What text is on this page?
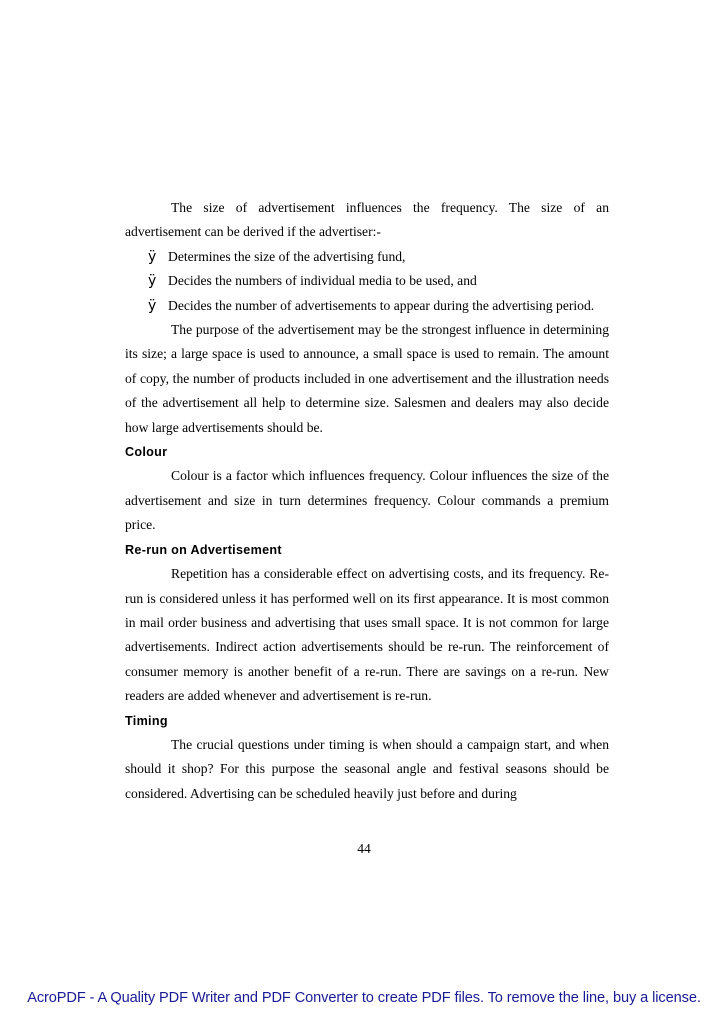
The size of advertisement influences the frequency. The size of an advertisement can be derived if the advertiser:-

ÿ Determines the size of the advertising fund,
ÿ Decides the numbers of individual media to be used, and
ÿ Decides the number of advertisements to appear during the advertising period.

The purpose of the advertisement may be the strongest influence in determining its size; a large space is used to announce, a small space is used to remain. The amount of copy, the number of products included in one advertisement and the illustration needs of the advertisement all help to determine size. Salesmen and dealers may also decide how large advertisements should be.

Colour

Colour is a factor which influences frequency. Colour influences the size of the advertisement and size in turn determines frequency. Colour commands a premium price.

Re-run on Advertisement

Repetition has a considerable effect on advertising costs, and its frequency. Re-run is considered unless it has performed well on its first appearance. It is most common in mail order business and advertising that uses small space. It is not common for large advertisements. Indirect action advertisements should be re-run. The reinforcement of consumer memory is another benefit of a re-run. There are savings on a re-run. New readers are added whenever and advertisement is re-run.

Timing

The crucial questions under timing is when should a campaign start, and when should it shop? For this purpose the seasonal angle and festival seasons should be considered. Advertising can be scheduled heavily just before and during

44
AcroPDF - A Quality PDF Writer and PDF Converter to create PDF files. To remove the line, buy a license.
